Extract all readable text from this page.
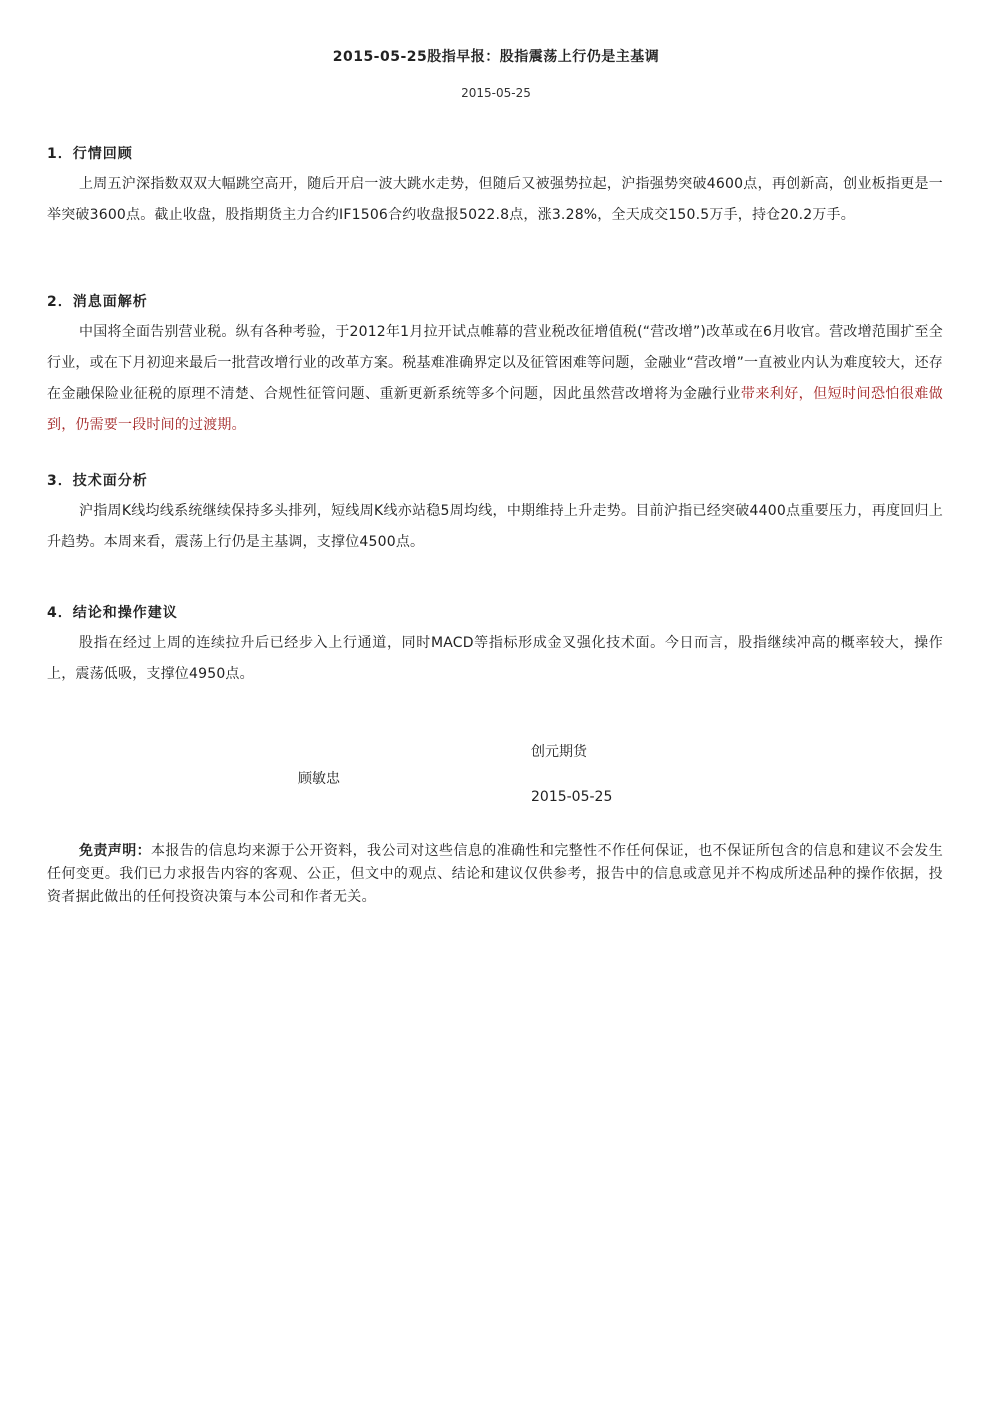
2015-05-25股指早报：股指震荡上行仍是主基调
2015-05-25
1．行情回顾

上周五沪深指数双双大幅跳空高开，随后开启一波大跳水走势，但随后又被强势拉起，沪指强势突破4600点，再创新高，创业板指更是一举突破3600点。截止收盘，股指期货主力合约IF1506合约收盘报5022.8点，涨3.28%，全天成交150.5万手，持仓20.2万手。

2．消息面解析

中国将全面告别营业税。纵有各种考验，于2012年1月拉开试点帷幕的营业税改征增值税(“营改增”)改革或在6月收官。营改增范围扩至全行业，或在下月初迎来最后一批营改增行业的改革方案。税基难准确界定以及征管困难等问题，金融业“营改增”一直被业内认为难度较大，还存在金融保险业征税的原理不清楚、合规性征管问题、重新更新系统等多个问题，因此虽然营改增将为金融行业带来利好，但短时间恐怕很难做到，仍需要一段时间的过渡期。

3．技术面分析

沪指周K线均线系统继续保持多头排列，短线周K线亦站稳5周均线，中期维持上升走势。目前沪指已经突破4400点重要压力，再度回归上升趋势。本周来看，震荡上行仍是主基调，支撑位4500点。

4．结论和操作建议

股指在经过上周的连续拉升后已经步入上行通道，同时MACD等指标形成金叉强化技术面。今日而言，股指继续冲高的概率较大，操作上，震荡低吸，支撑位4950点。

创元期货
顾敏忠
2015-05-25
免责声明：本报告的信息均来源于公开资料，我公司对这些信息的准确性和完整性不作任何保证，也不保证所包含的信息和建议不会发生任何变更。我们已力求报告内容的客观、公正，但文中的观点、结论和建议仅供参考，报告中的信息或意见并不构成所述品种的操作依据，投资者据此做出的任何投资决策与本公司和作者无关。
